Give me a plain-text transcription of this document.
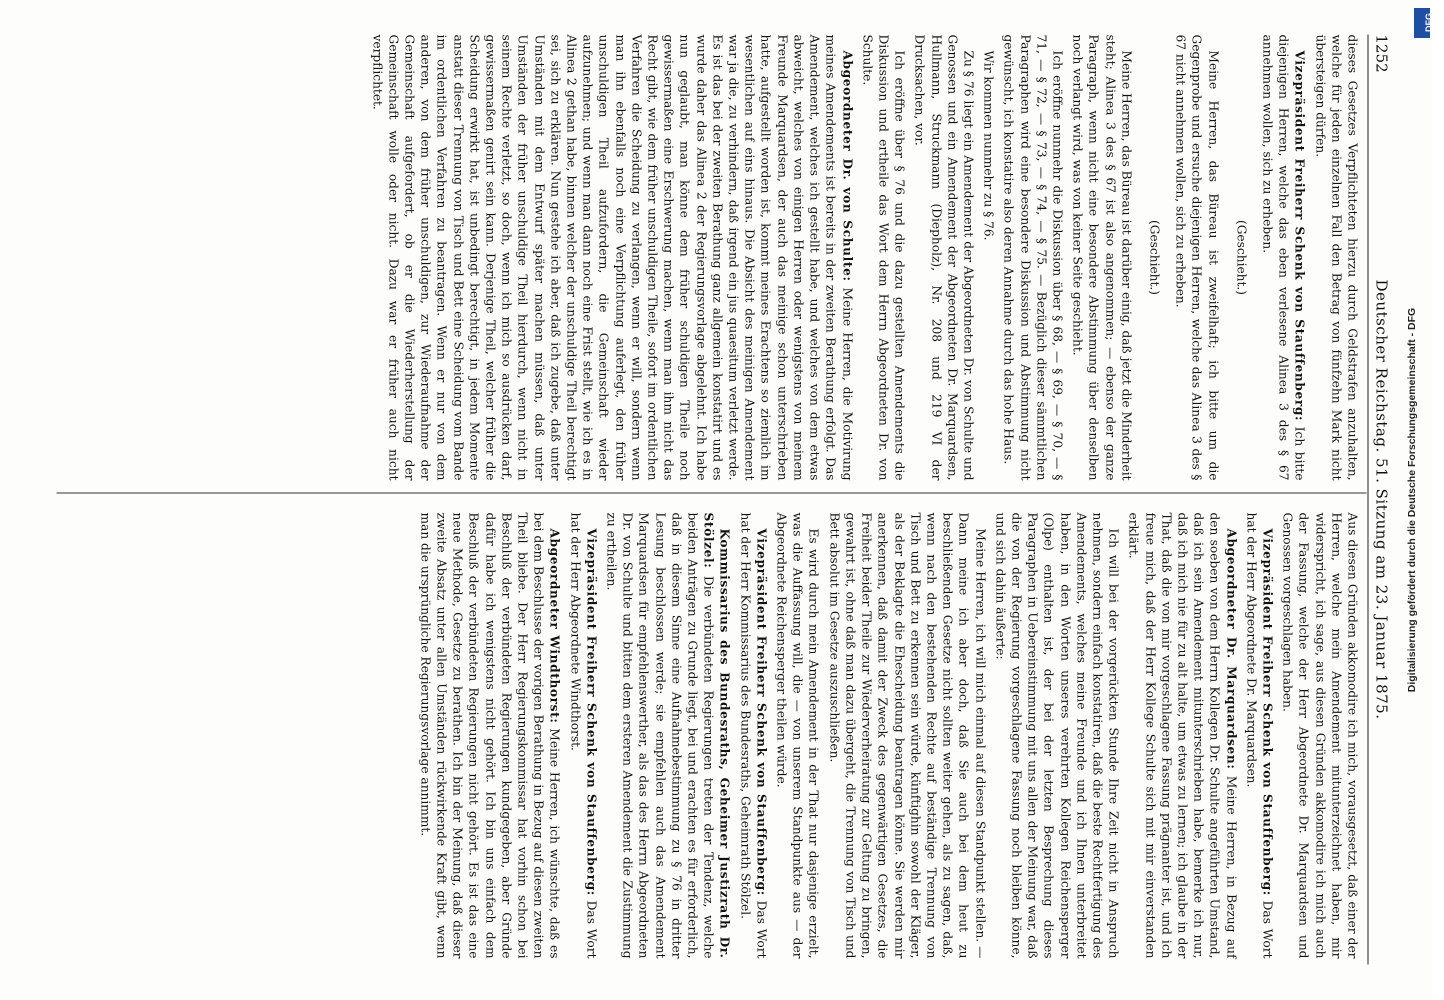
1252
Deutscher Reichstag. 51. Sitzung am 23. Januar 1875.

dieses Gesetzes Verpflichteten hierzu durch Geldstrafen anzuhalten, welche für jeden einzelnen Fall den Betrag von fünfzehn Mark nicht übersteigen dürfen.

Vizepräsident Freiherr Schenk von Stauffenberg: Ich bitte diejenigen Herren, welche das eben verlesene Alinea 3 des § 67 annehmen wollen, sich zu erheben.

(Geschieht.)

Meine Herren, das Büreau ist zweifelhaft; ich bitte um die Gegenprobe und ersuche diejenigen Herren, welche das Alinea 3 des § 67 nicht annehmen wollen, sich zu erheben.

(Geschieht.)

Meine Herren, das Büreau ist darüber einig, daß jetzt die Minderheit steht; Alinea 3 des § 67 ist also angenommen; — ebenso der ganze Paragraph, wenn nicht eine besondere Abstimmung über denselben noch verlangt wird, was von keiner Seite geschieht.

Ich eröffne nunmehr die Diskussion über § 68, — § 69, — § 70, — § 71, — § 72, — § 73, — § 74, — § 75. — Bezüglich dieser sämmtlichen Paragraphen wird eine besondere Diskussion und Abstimmung nicht gewünscht, ich konstatire also deren Annahme durch das hohe Haus.

Wir kommen nunmehr zu § 76.

Zu § 76 liegt ein Amendement der Abgeordneten Dr. von Schulte und Genossen und ein Amendement der Abgeordneten Dr. Marquardsen, Hullmann, Struckmann (Diepholz), Nr. 208 und 219 VI der Drucksachen, vor.

Ich eröffne über § 76 und die dazu gestellten Amendements die Diskussion und ertheile das Wort dem Herrn Abgeordneten Dr. von Schulte.

Abgeordneter Dr. von Schulte: Meine Herren, die Motivirung meines Amendements ist bereits in der zweiten Berathung erfolgt. Das Amendement, welches ich gestellt habe, und welches von dem etwas abweicht, welches von einigen Herren oder wenigstens von meinem Freunde Marquardsen, der auch das meinige schon unterschrieben hatte, aufgestellt worden ist, kommt meines Erachtens so ziemlich im wesentlichen auf eins hinaus. Die Absicht des meinigen Amendement war ja die, zu verhindern, daß irgend ein jus quaesitum verletzt werde. Es ist das bei der zweiten Berathung ganz allgemein konstatirt und es wurde daher das Alinea 2 der Regierungsvorlage abgelehnt. Ich habe nun geglaubt, man könne dem früher schuldigen Theile noch gewissermaßen eine Erschwerung machen, wenn man ihm nicht das Recht gibt, wie dem früher unschuldigen Theile, sofort im ordentlichen Verfahren die Scheidung zu verlangen, wenn er will, sondern wenn man ihn ebenfalls noch eine Verpflichtung auferlegt, den früher unschuldigen Theil aufzufordern, die Gemeinschaft wieder aufzunehmen; und wenn man dann noch eine Frist stellt, wie ich es in Alinea 2 gethan habe, binnen welcher der unschuldige Theil berechtigt sei, sich zu erklären. Nun gestehe ich aber, daß ich zugebe, daß unter Umständen mit dem Entwurf später machen müssen, daß unter Umständen der früher unschuldige Theil hierdurch, wenn nicht in seinem Rechte verletzt, so doch, wenn ich mich so ausdrücken darf, gewissermaßen genirt sein kann. Derjenige Theil, welcher früher die Scheidung erwirkt hat, ist unbedingt berechtigt, in jedem Momente anstatt dieser Trennung von Tisch und Bett eine Scheidung vom Bande im ordentlichen Verfahren zu beantragen. Wenn er nur von dem anderen, von dem früher unschuldigen, zur Wiederaufnahme der Gemeinschaft aufgefordert, ob er die Wiederherstellung der Gemeinschaft wolle oder nicht. Dazu war er früher auch nicht verpflichtet.

Aus diesen Gründen akkomodire ich mich, vorausgesetzt, daß einer der Herren, welche mein Amendement mitunterzeichnet haben, mir widerspricht, ich sage, aus diesen Gründen akkomodire ich mich auch der Fassung, welche der Herr Abgeordnete Dr. Marquardsen und Genossen vorgeschlagen haben.

Vizepräsident Freiherr Schenk von Stauffenberg: Das Wort hat der Herr Abgeordnete Dr. Marquardsen.

Abgeordneter Dr. Marquardsen: Meine Herren, in Bezug auf den soeben von dem Herrn Kollegen Dr. Schulte angeführten Umstand, daß ich sein Amendement mitunterschrieben habe, bemerke ich nur, daß ich mich nie für zu alt halte, um etwas zu lernen; ich glaube in der That, daß die von mir vorgeschlagene Fassung prägnanter ist, und ich freue mich, daß der Herr Kollege Schulte sich mit mir einverstanden erklärt.

Ich will bei der vorgerückten Stunde Ihre Zeit nicht in Anspruch nehmen, sondern einfach konstatiren, daß die beste Rechtfertigung des Amendements, welches meine Freunde und ich Ihnen unterbreitet haben, in den Worten unseres verehrten Kollegen Reichensperger (Olpe) enthalten ist, der bei der letzten Besprechung dieses Paragraphen in Uebereinstimmung mit uns allen der Meinung war, daß die von der Regierung vorgeschlagene Fassung noch bleiben könne, und sich dahin äußerte:

Meine Herren, ich will mich einmal auf diesen Standpunkt stellen. — Dann meine ich aber doch, daß Sie auch bei dem heut zu beschließenden Gesetze nicht sollten weiter gehen, als zu sagen, daß, wenn nach den bestehenden Rechte auf beständige Trennung von Tisch und Bett zu erkennen sein würde, künftighin sowohl der Kläger, als der Beklagte die Ehescheidung beantragen könne. Sie werden mir anerkennen, daß damit der Zweck des gegenwärtigen Gesetzes, die Freiheit beider Theile zur Wiederverheiratung zur Geltung zu bringen, gewahrt ist, ohne daß man dazu übergeht, die Trennung von Tisch und Bett absolut im Gesetze auszuschließen.

Es wird durch mein Amendement in der That nur dasjenige erzielt, was die Auffassung will, die — von unserem Standpunkte aus — der Abgeordnete Reichensperger theilen würde.

Vizepräsident Freiherr Schenk von Stauffenberg: Das Wort hat der Herr Kommissarius des Bundesraths, Geheimrath Stölzel.

Kommissarius des Bundesraths, Geheimer Justizrath Dr. Stölzel: Die verbündeten Regierungen treten der Tendenz, welche beiden Anträgen zu Grunde liegt, bei und erachten es für erforderlich, daß in diesem Sinne eine Aufnahmebestimmung zu § 76 in dritter Lesung beschlossen werde; sie empfehlen auch das Amendement Marquardsen für empfehlenswerther, als das des Herrn Abgeordneten Dr. von Schulte und bitten dem ersteren Amendement die Zustimmung zu ertheilen.

Vizepräsident Freiherr Schenk von Stauffenberg: Das Wort hat der Herr Abgeordnete Windthorst.

Abgeordneter Windthorst: Meine Herren, ich wünschte, daß es bei dem Beschlusse der vorigen Berathung in Bezug auf diesen zweiten Theil bliebe. Der Herr Regierungskommissar hat vorhin schon bei Beschluß der verbündeten Regierungen kundgegeben, aber Gründe dafür habe ich wenigstens nicht gehört. Ich bin uns einfach dem Beschluß der verbündeten Regierungen nicht gehört. Es ist das eine neue Methode, Gesetze zu berathen. Ich bin der Meinung, daß dieser zweite Absatz unter allen Umständen rückwirkende Kraft gibt, wenn man die ursprüngliche Regierungsvorlage annimmt.	Digitalisierung gefördert durch die Deutsche Forschungsgemeinschaft - DFG
DFG
